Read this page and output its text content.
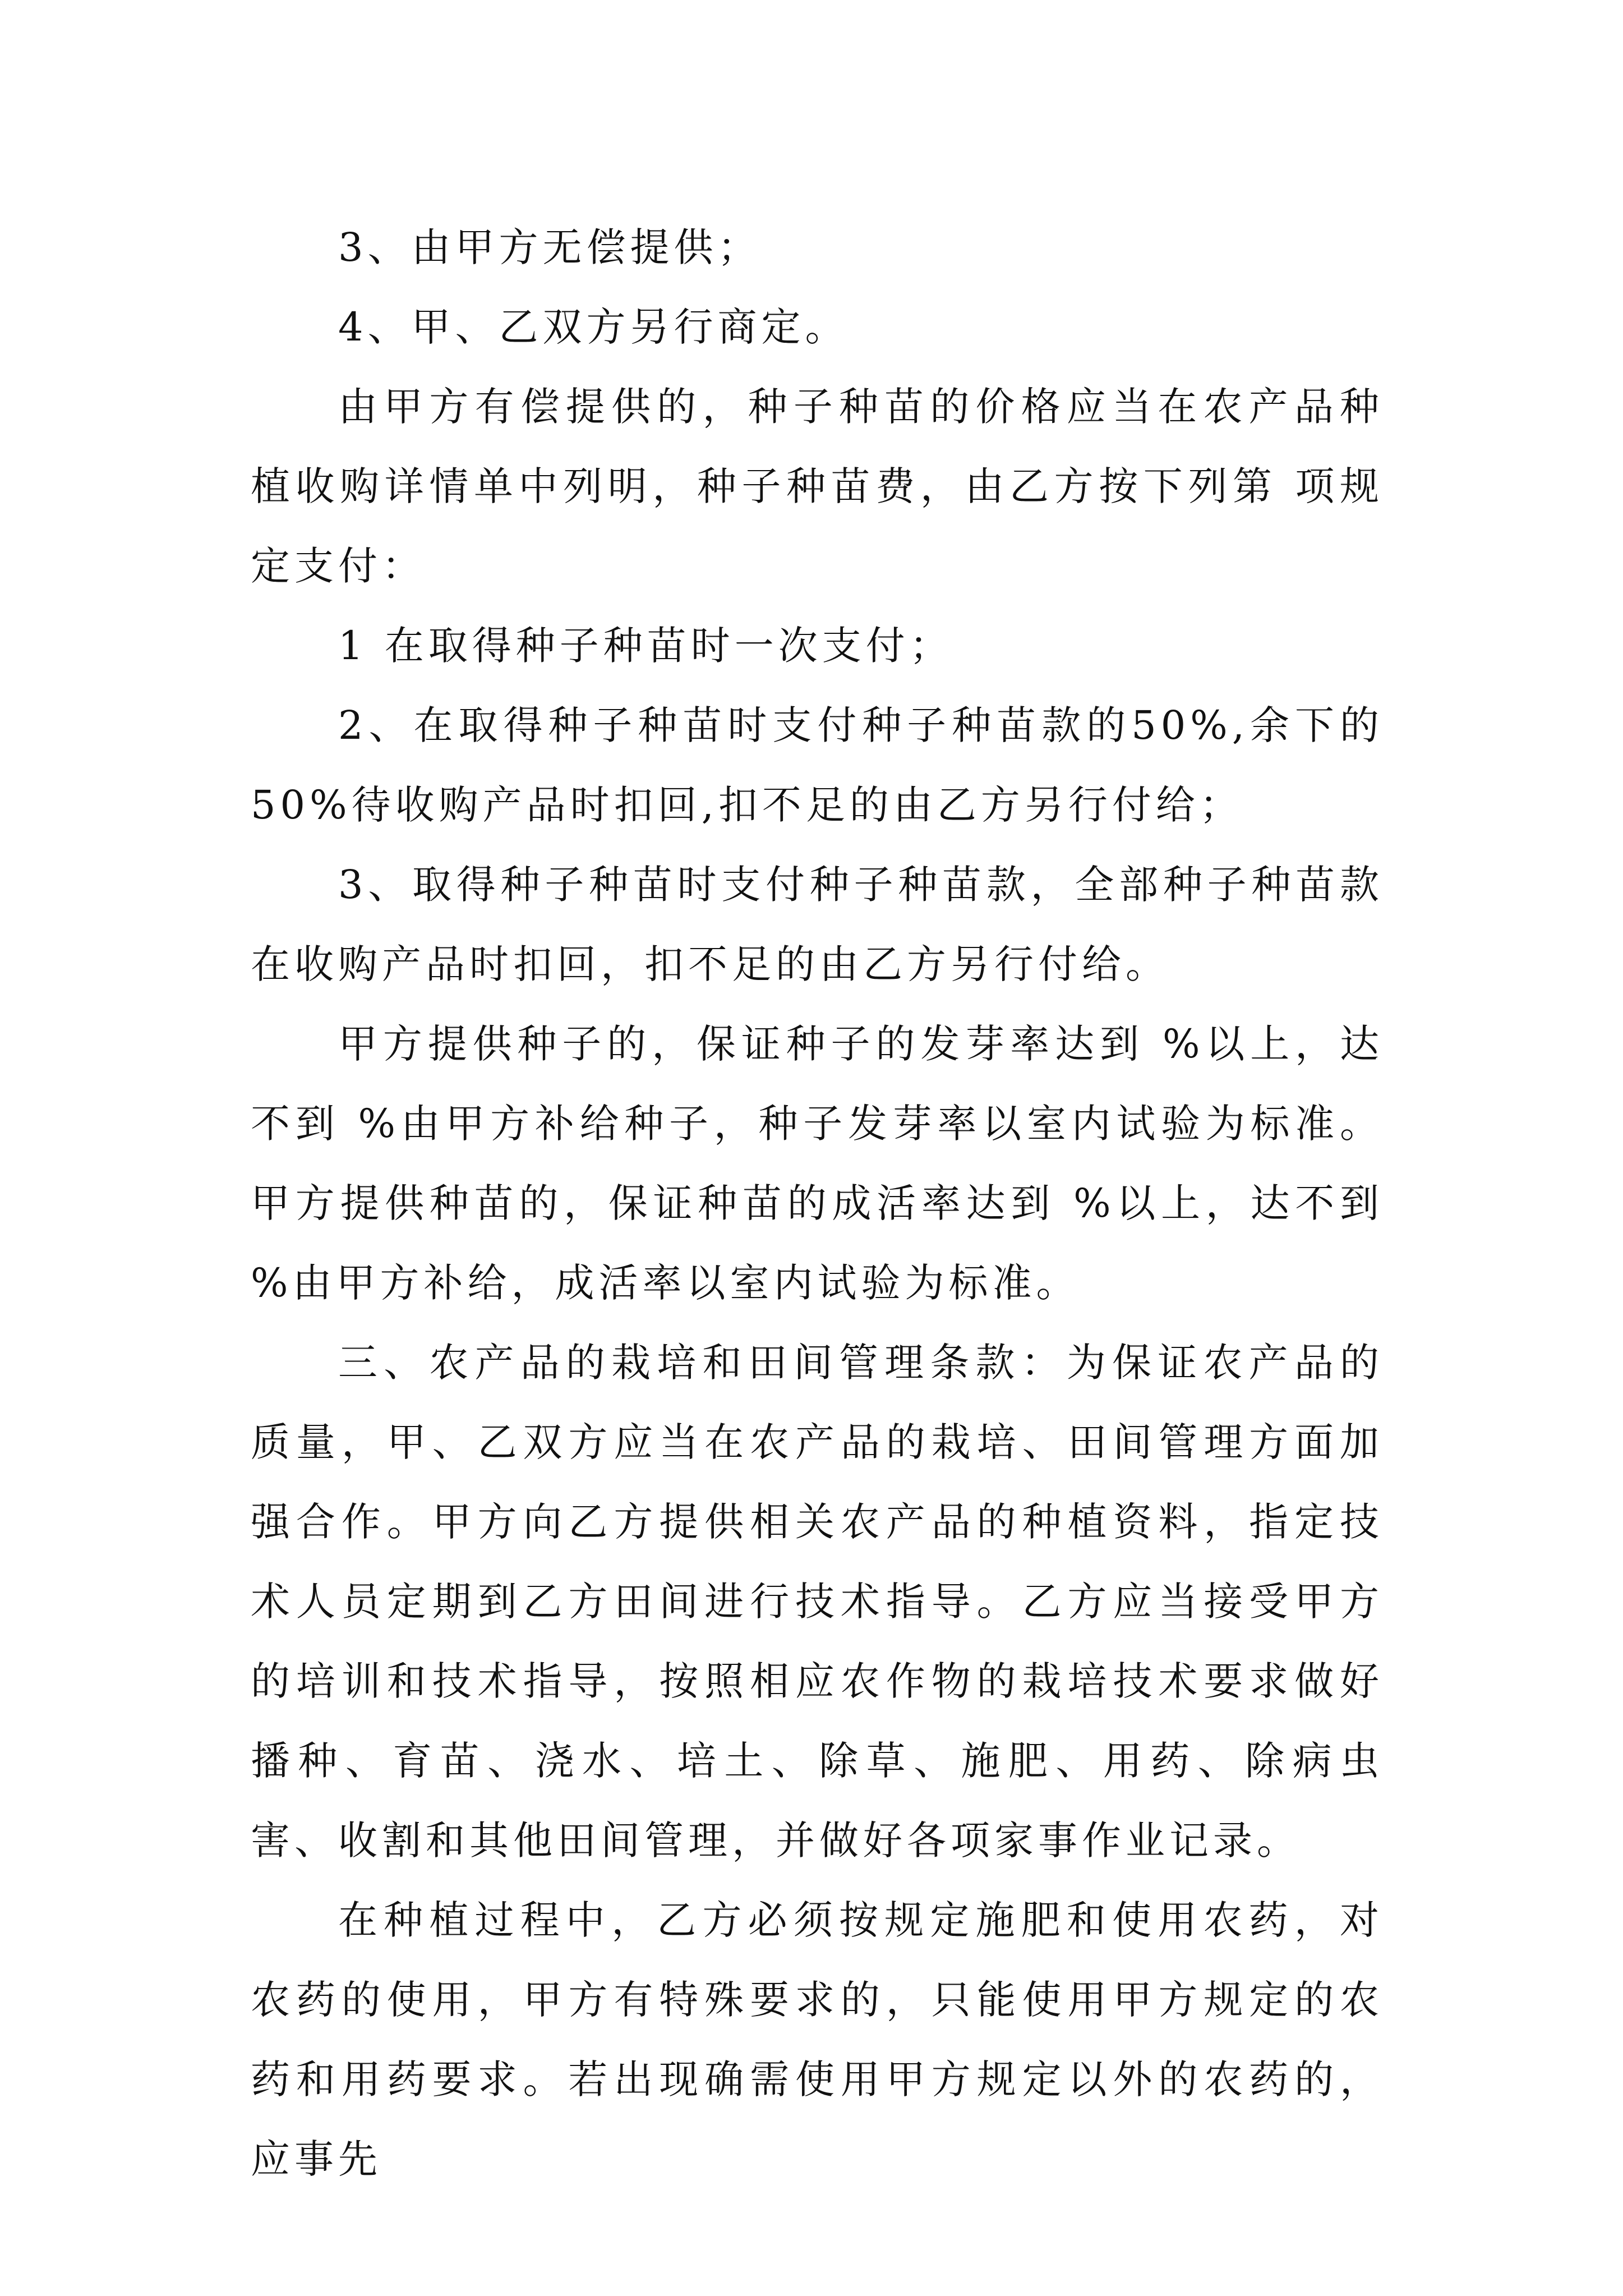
3、由甲方无偿提供；

4、甲、乙双方另行商定。

由甲方有偿提供的，种子种苗的价格应当在农产品种植收购详情单中列明，种子种苗费，由乙方按下列第 项规定支付：

1 在取得种子种苗时一次支付；

2、在取得种子种苗时支付种子种苗款的50%,余下的50%待收购产品时扣回,扣不足的由乙方另行付给；

3、取得种子种苗时支付种子种苗款，全部种子种苗款在收购产品时扣回，扣不足的由乙方另行付给。

甲方提供种子的，保证种子的发芽率达到 %以上，达不到 %由甲方补给种子，种子发芽率以室内试验为标准。甲方提供种苗的，保证种苗的成活率达到 %以上，达不到 %由甲方补给，成活率以室内试验为标准。

三、农产品的栽培和田间管理条款：为保证农产品的质量，甲、乙双方应当在农产品的栽培、田间管理方面加强合作。甲方向乙方提供相关农产品的种植资料，指定技术人员定期到乙方田间进行技术指导。乙方应当接受甲方的培训和技术指导，按照相应农作物的栽培技术要求做好播种、育苗、浇水、培土、除草、施肥、用药、除病虫害、收割和其他田间管理，并做好各项家事作业记录。

在种植过程中，乙方必须按规定施肥和使用农药，对农药的使用，甲方有特殊要求的，只能使用甲方规定的农药和用药要求。若出现确需使用甲方规定以外的农药的，应事先
